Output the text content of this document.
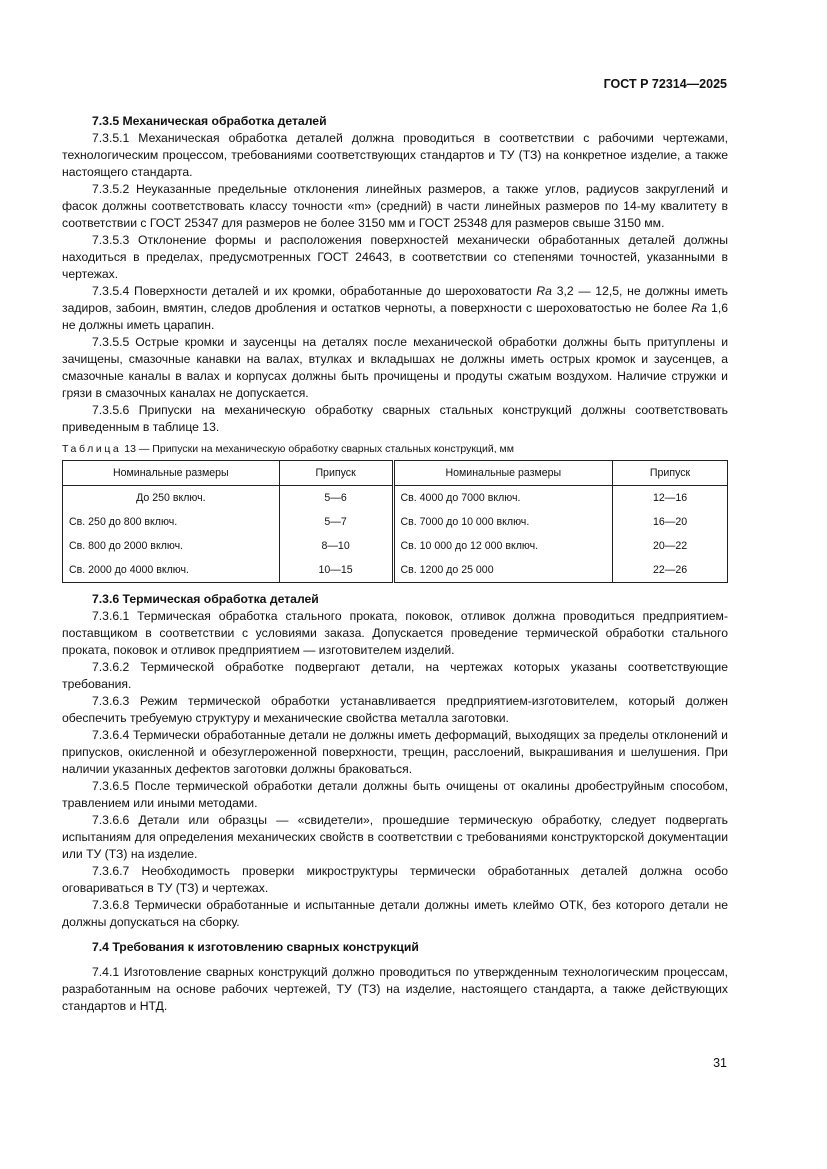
ГОСТ Р 72314—2025
7.3.5 Механическая обработка деталей

7.3.5.1 Механическая обработка деталей должна проводиться в соответствии с рабочими чертежами, технологическим процессом, требованиями соответствующих стандартов и ТУ (ТЗ) на конкретное изделие, а также настоящего стандарта.

7.3.5.2 Неуказанные предельные отклонения линейных размеров, а также углов, радиусов закруглений и фасок должны соответствовать классу точности «m» (средний) в части линейных размеров по 14-му квалитету в соответствии с ГОСТ 25347 для размеров не более 3150 мм и ГОСТ 25348 для размеров свыше 3150 мм.

7.3.5.3 Отклонение формы и расположения поверхностей механически обработанных деталей должны находиться в пределах, предусмотренных ГОСТ 24643, в соответствии со степенями точностей, указанными в чертежах.

7.3.5.4 Поверхности деталей и их кромки, обработанные до шероховатости Ra 3,2 — 12,5, не должны иметь задиров, забоин, вмятин, следов дробления и остатков черноты, а поверхности с шероховатостью не более Ra 1,6 не должны иметь царапин.

7.3.5.5 Острые кромки и заусенцы на деталях после механической обработки должны быть притуплены и зачищены, смазочные канавки на валах, втулках и вкладышах не должны иметь острых кромок и заусенцев, а смазочные каналы в валах и корпусах должны быть прочищены и продуты сжатым воздухом. Наличие стружки и грязи в смазочных каналах не допускается.

7.3.5.6 Припуски на механическую обработку сварных стальных конструкций должны соответствовать приведенным в таблице 13.

Таблица 13 — Припуски на механическую обработку сварных стальных конструкций, мм
Номинальные размеры	Припуск	Номинальные размеры	Припуск
До 250 включ.	5—6	Св. 4000 до 7000 включ.	12—16
Св. 250 до 800 включ.	5—7	Св. 7000 до 10 000 включ.	16—20
Св. 800 до 2000 включ.	8—10	Св. 10 000 до 12 000 включ.	20—22
Св. 2000 до 4000 включ.	10—15	Св. 1200 до 25 000	22—26
7.3.6 Термическая обработка деталей

7.3.6.1 Термическая обработка стального проката, поковок, отливок должна проводиться предприятием-поставщиком в соответствии с условиями заказа. Допускается проведение термической обработки стального проката, поковок и отливок предприятием — изготовителем изделий.

7.3.6.2 Термической обработке подвергают детали, на чертежах которых указаны соответствующие требования.

7.3.6.3 Режим термической обработки устанавливается предприятием-изготовителем, который должен обеспечить требуемую структуру и механические свойства металла заготовки.

7.3.6.4 Термически обработанные детали не должны иметь деформаций, выходящих за пределы отклонений и припусков, окисленной и обезуглероженной поверхности, трещин, расслоений, выкрашивания и шелушения. При наличии указанных дефектов заготовки должны браковаться.

7.3.6.5 После термической обработки детали должны быть очищены от окалины дробеструйным способом, травлением или иными методами.

7.3.6.6 Детали или образцы — «свидетели», прошедшие термическую обработку, следует подвергать испытаниям для определения механических свойств в соответствии с требованиями конструкторской документации или ТУ (ТЗ) на изделие.

7.3.6.7 Необходимость проверки микроструктуры термически обработанных деталей должна особо оговариваться в ТУ (ТЗ) и чертежах.

7.3.6.8 Термически обработанные и испытанные детали должны иметь клеймо ОТК, без которого детали не должны допускаться на сборку.

7.4 Требования к изготовлению сварных конструкций

7.4.1 Изготовление сварных конструкций должно проводиться по утвержденным технологическим процессам, разработанным на основе рабочих чертежей, ТУ (ТЗ) на изделие, настоящего стандарта, а также действующих стандартов и НТД.

31
